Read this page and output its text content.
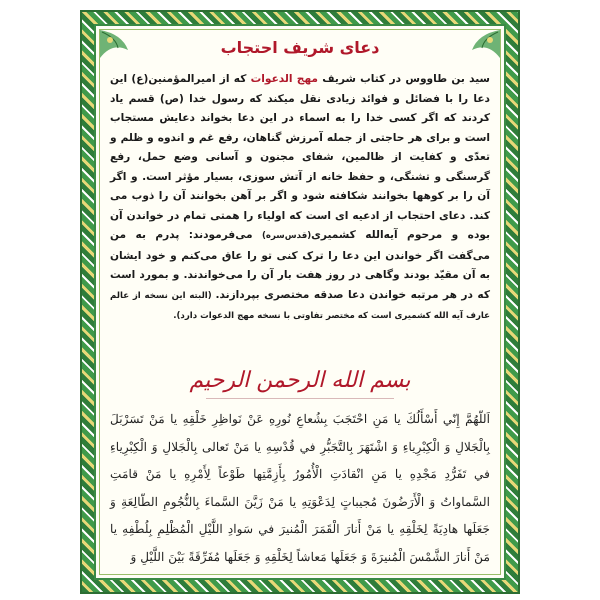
دعای شریف احتجاب
سید بن طاووس در کتاب شریف مهج الدعوات که از امیرالمؤمنین(ع) این دعا را با فضائل و فوائد زیادی نقل میکند که رسول خدا (ص) قسم یاد کردند که اگر کسی خدا را به اسماء در این دعا بخواند دعایش مستجاب است و برای هر حاجتی از جمله آمرزش گناهان، رفع غم و اندوه و ظلم و تعدّی و کفایت از ظالمین، شفای مجنون و آسانی وضع حمل، رفع گرسنگی و تشنگی، و حفظ خانه از آتش سوزی، بسیار مؤثر است. و اگر آن را بر کوهها بخوانند شکافته شود و اگر بر آهن بخوانند آن را ذوب می کند. دعای احتجاب از ادعیه ای است که اولیاء را همتی تمام در خواندن آن بوده و مرحوم آیه‌الله کشمیری(قدس‌سره) می‌فرمودند: پدرم به من می‌گفت اگر خواندن این دعا را ترک کنی تو را عاق می‌کنم و خود ایشان به آن مقیّد بودند وگاهی در روز هفت بار آن را می‌خواندند. و بمورد است که در هر مرتبه خواندن دعا صدقه مختصری بپردازند. (البته این نسخه از عالم عارف آیه الله کشمیری است که مختصر تفاوتی با نسخه مهج الدعوات دارد).
بسم الله الرحمن الرحیم

اَللّهُمَّ إِنّي أَسْأَلُكَ يا مَنِ احْتَجَبَ بِشُعاعِ نُورِهِ عَنْ نَواظِرِ خَلْقِهِ يا مَنْ تَسَرْبَلَ بِالْجَلالِ وَ الْكِبْرِياءِ وَ اشْتَهَرَ بِالتَّجَبُّرِ في قُدْسِهِ يا مَنْ تَعالى بِالْجَلالِ وَ الْكِبْرِياءِ في تَفَرُّدِ مَجْدِهِ يا مَنِ انْقادَتِ الْأُمُورُ بِأَزِمَّتِها طَوْعاً لِأَمْرِهِ يا مَنْ قامَتِ السَّماواتُ وَ الْأَرَضُونَ مُجيباتٍ لِدَعْوَتِهِ يا مَنْ زَيَّنَ السَّماءَ بِالنُّجُومِ الطّالِعَةِ وَ جَعَلَها هادِيَةً لِخَلْقِهِ يا مَنْ أَنارَ الْقَمَرَ الْمُنيرَ في سَوادِ اللَّيْلِ الْمُظْلِمِ بِلُطْفِهِ يا مَنْ أَنارَ الشَّمْسَ الْمُنيرَةَ وَ جَعَلَها مَعاشاً لِخَلْقِهِ وَ جَعَلَها مُفَرِّقَةً بَيْنَ اللَّيْلِ وَ
